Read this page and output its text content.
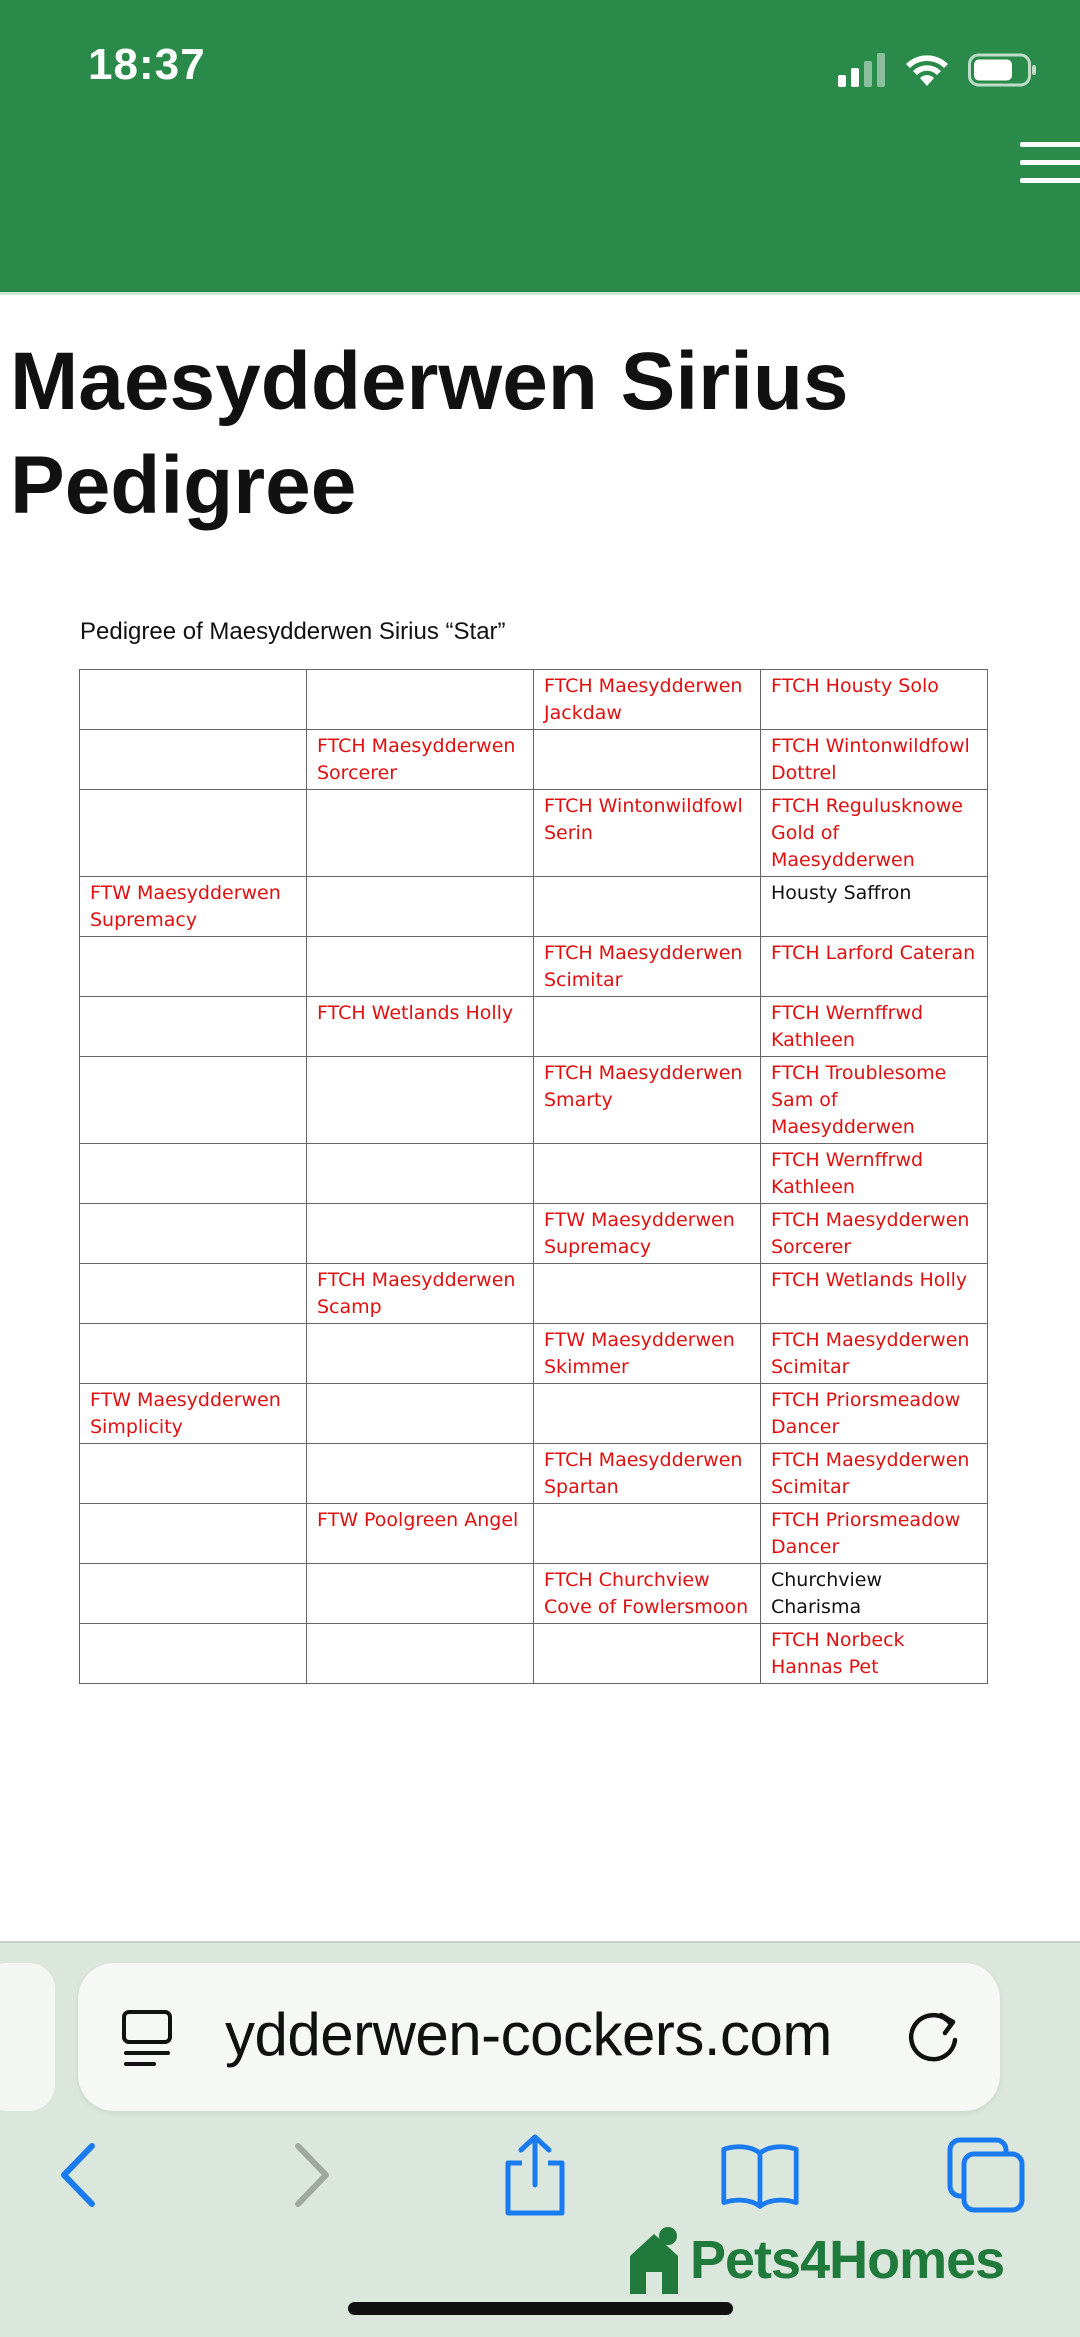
18:37
Maesydderwen Sirius Pedigree
Pedigree of Maesydderwen Sirius “Star”
		FTCH Maesydderwen Jackdaw	FTCH Housty Solo
	FTCH Maesydderwen Sorcerer		FTCH Wintonwildfowl Dottrel
		FTCH Wintonwildfowl Serin	FTCH Regulusknowe Gold of Maesydderwen
FTW Maesydderwen Supremacy			Housty Saffron
		FTCH Maesydderwen Scimitar	FTCH Larford Cateran
	FTCH Wetlands Holly		FTCH Wernffrwd Kathleen
		FTCH Maesydderwen Smarty	FTCH Troublesome Sam of Maesydderwen
			FTCH Wernffrwd Kathleen
		FTW Maesydderwen Supremacy	FTCH Maesydderwen Sorcerer
	FTCH Maesydderwen Scamp		FTCH Wetlands Holly
		FTW Maesydderwen Skimmer	FTCH Maesydderwen Scimitar
FTW Maesydderwen Simplicity			FTCH Priorsmeadow Dancer
		FTCH Maesydderwen Spartan	FTCH Maesydderwen Scimitar
	FTW Poolgreen Angel		FTCH Priorsmeadow Dancer
		FTCH Churchview Cove of Fowlersmoon	Churchview Charisma
			FTCH Norbeck Hannas Pet
ydderwen-cockers.com
Pets4Homes
